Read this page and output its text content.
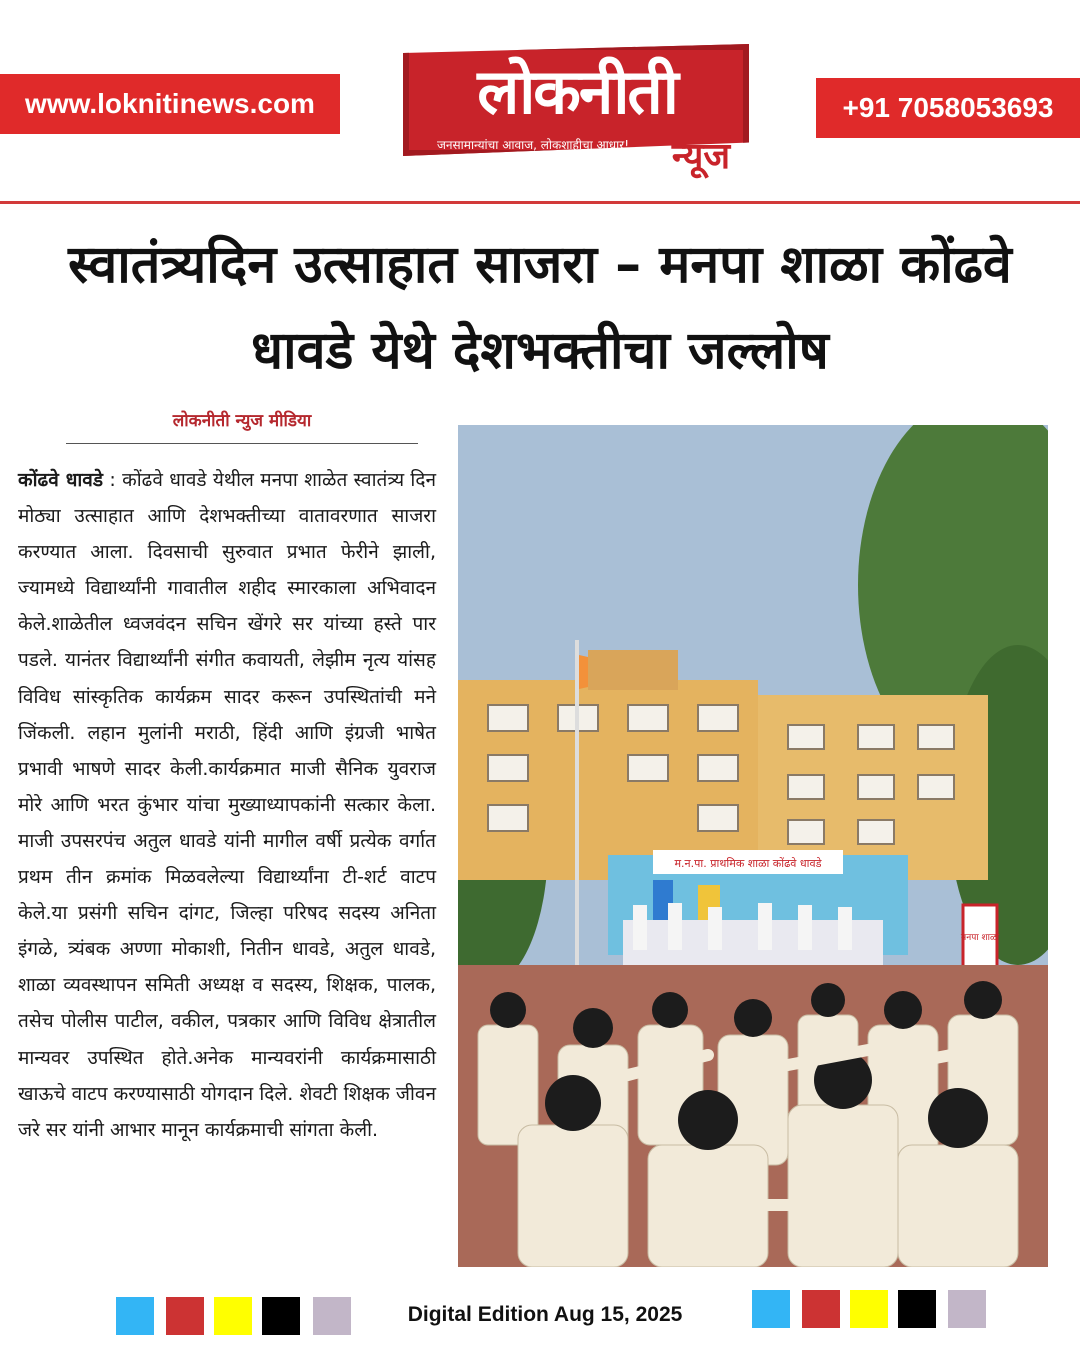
www.loknitinews.com	लोकनीती
जनसामान्यांचा आवाज, लोकशाहीचा आधार!	न्यूज
+91 7058053693
स्वातंत्र्यदिन उत्साहात साजरा – मनपा शाळा कोंढवे
धावडे येथे देशभक्तीचा जल्लोष
लोकनीती न्युज मीडिया
कोंढवे धावडे : कोंढवे धावडे येथील मनपा शाळेत स्वातंत्र्य दिन मोठ्या उत्साहात आणि देशभक्तीच्या वातावरणात साजरा करण्यात आला. दिवसाची सुरुवात प्रभात फेरीने झाली, ज्यामध्ये विद्यार्थ्यांनी गावातील शहीद स्मारकाला अभिवादन केले.शाळेतील ध्वजवंदन सचिन खेंगरे सर यांच्या हस्ते पार पडले. यानंतर विद्यार्थ्यांनी संगीत कवायती, लेझीम नृत्य यांसह विविध सांस्कृतिक कार्यक्रम सादर करून उपस्थितांची मने जिंकली. लहान मुलांनी मराठी, हिंदी आणि इंग्रजी भाषेत प्रभावी भाषणे सादर केली.कार्यक्रमात माजी सैनिक युवराज मोरे आणि भरत कुंभार यांचा मुख्याध्यापकांनी सत्कार केला. माजी उपसरपंच अतुल धावडे यांनी मागील वर्षी प्रत्येक वर्गात प्रथम तीन क्रमांक मिळवलेल्या विद्यार्थ्यांना टी-शर्ट वाटप केले.या प्रसंगी सचिन दांगट, जिल्हा परिषद सदस्य अनिता इंगळे, त्र्यंबक अण्णा मोकाशी, नितीन धावडे, अतुल धावडे, शाळा व्यवस्थापन समिती अध्यक्ष व सदस्य, शिक्षक, पालक, तसेच पोलीस पाटील, वकील, पत्रकार आणि विविध क्षेत्रातील मान्यवर उपस्थित होते.अनेक मान्यवरांनी कार्यक्रमासाठी खाऊचे वाटप करण्यासाठी योगदान दिले. शेवटी शिक्षक जीवन जरे सर यांनी आभार मानून कार्यक्रमाची सांगता केली.
म.न.पा. प्राथमिक शाळा कोंढवे धावडे
मनपा शाळा
Digital Edition Aug 15, 2025
